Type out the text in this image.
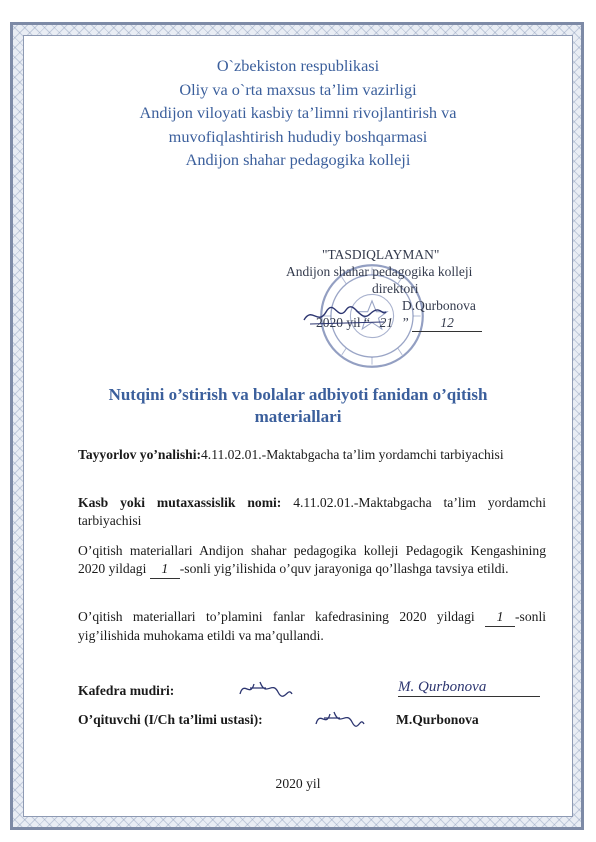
O`zbekiston respublikasi
Oliy va o`rta maxsus ta’lim vazirligi
Andijon viloyati kasbiy ta’limni rivojlantirish va
muvofiqlashtirish hududiy boshqarmasi
Andijon shahar pedagogika kolleji
"TASDIQLAYMAN"
Andijon shahar pedagogika kolleji
direktori
D.Qurbonova
2020 yil “ 21 ” 12
Nutqini o’stirish va bolalar adbiyoti fanidan o’qitish
materiallari
Tayyorlov yo’nalishi:4.11.02.01.-Maktabgacha ta’lim yordamchi tarbiyachisi
Kasb yoki mutaxassislik nomi: 4.11.02.01.-Maktabgacha ta’lim yordamchi tarbiyachisi
O’qitish materiallari Andijon shahar pedagogika kolleji Pedagogik Kengashining 2020 yildagi 1 -sonli yig’ilishida o’quv jarayoniga qo’llashga tavsiya etildi.
O’qitish materiallari to’plamini fanlar kafedrasining 2020 yildagi 1 -sonli yig’ilishida muhokama etildi va ma’qullandi.
Kafedra mudiri:	M. Qurbonova
O’qituvchi (I/Ch ta’limi ustasi):	M.Qurbonova
2020 yil
